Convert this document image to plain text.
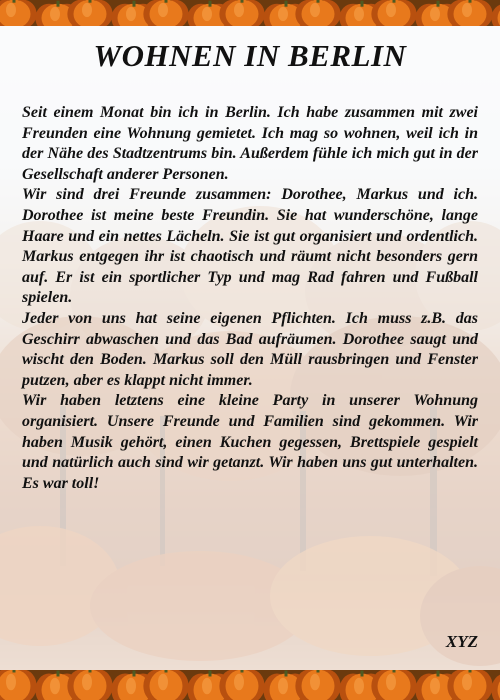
WOHNEN IN BERLIN

Seit einem Monat bin ich in Berlin. Ich habe zusammen mit zwei Freunden eine Wohnung gemietet. Ich mag so wohnen, weil ich in der Nähe des Stadtzentrums bin. Außerdem fühle ich mich gut in der Gesellschaft anderer Personen.

Wir sind drei Freunde zusammen: Dorothee, Markus und ich. Dorothee ist meine beste Freundin. Sie hat wunderschöne, lange Haare und ein nettes Lächeln. Sie ist gut organisiert und ordentlich. Markus entgegen ihr ist chaotisch und räumt nicht besonders gern auf. Er ist ein sportlicher Typ und mag Rad fahren und Fußball spielen.

Jeder von uns hat seine eigenen Pflichten. Ich muss z.B. das Geschirr abwaschen und das Bad aufräumen. Dorothee saugt und wischt den Boden. Markus soll den Müll rausbringen und Fenster putzen, aber es klappt nicht immer.

Wir haben letztens eine kleine Party in unserer Wohnung organisiert. Unsere Freunde und Familien sind gekommen. Wir haben Musik gehört, einen Kuchen gegessen, Brettspiele gespielt und natürlich auch sind wir getanzt. Wir haben uns gut unterhalten. Es war toll!

XYZ
